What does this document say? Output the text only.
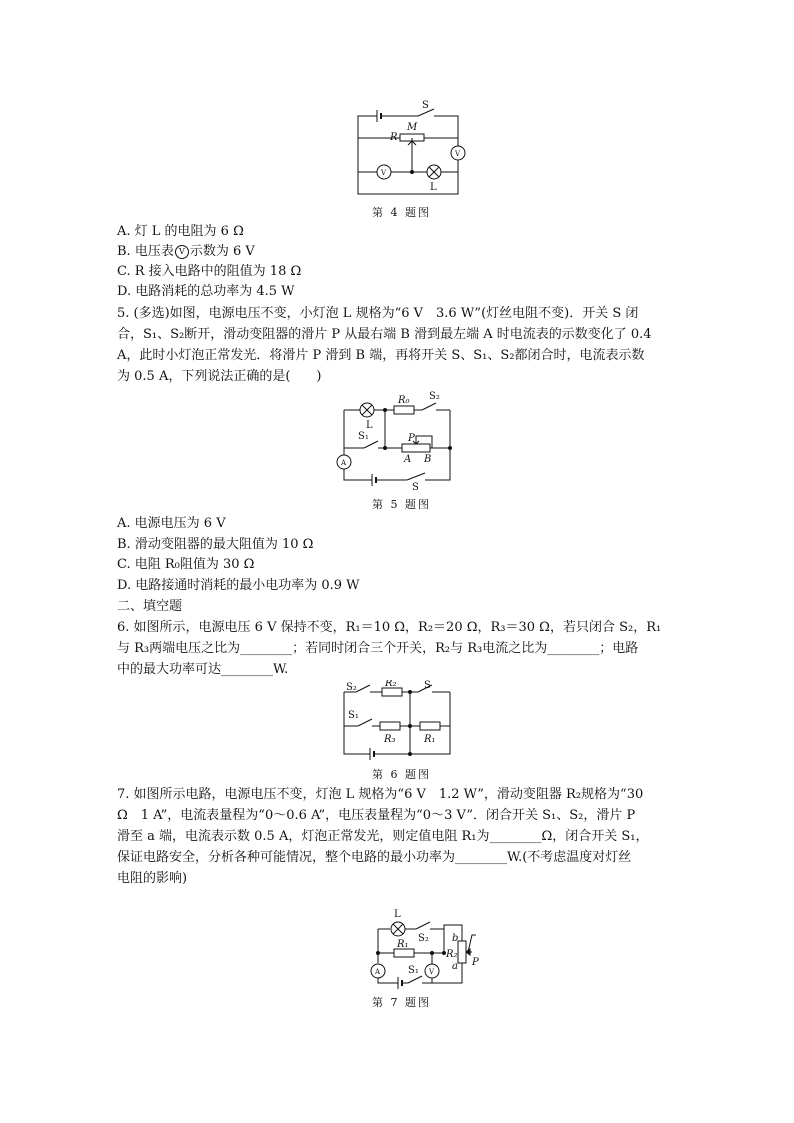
S
R
M
V
V
L
第 4 题图
A. 灯 L 的电阻为 6 Ω
B. 电压表 V 示数为 6 V
C. R 接入电路中的阻值为 18 Ω
D. 电路消耗的总功率为 4.5 W
5. (多选)如图，电源电压不变，小灯泡 L 规格为“6 V　3.6 W”(灯丝电阻不变)．开关 S 闭
合，S₁、S₂断开，滑动变阻器的滑片 P 从最右端 B 滑到最左端 A 时电流表的示数变化了 0.4
A，此时小灯泡正常发光．将滑片 P 滑到 B 端，再将开关 S、S₁、S₂都闭合时，电流表示数
为 0.5 A，下列说法正确的是(　　)
L
R₀ S₂
S₁	P
A B
A
S
第 5 题图
A. 电源电压为 6 V
B. 滑动变阻器的最大阻值为 10 Ω
C. 电阻 R₀阻值为 30 Ω
D. 电路接通时消耗的最小电功率为 0.9 W
二、填空题
6. 如图所示，电源电压 6 V 保持不变，R₁＝10 Ω，R₂＝20 Ω，R₃＝30 Ω，若只闭合 S₂，R₁
与 R₃两端电压之比为________；若同时闭合三个开关，R₂与 R₃电流之比为________；电路
中的最大功率可达________W.
S₂	R₂	S
S₁
R₃	R₁
第 6 题图
7. 如图所示电路，电源电压不变，灯泡 L 规格为“6 V　1.2 W”，滑动变阻器 R₂规格为“30
Ω　1 A”，电流表量程为“0～0.6 A”，电压表量程为“0～3 V”．闭合开关 S₁、S₂，滑片 P
滑至 a 端，电流表示数 0.5 A，灯泡正常发光，则定值电阻 R₁为________Ω，闭合开关 S₁，
保证电路安全，分析各种可能情况，整个电路的最小功率为________W.(不考虑温度对灯丝
电阻的影响)
L
R₁
S₂ b
R₂
a P
A	S₁ V
第 7 题图
